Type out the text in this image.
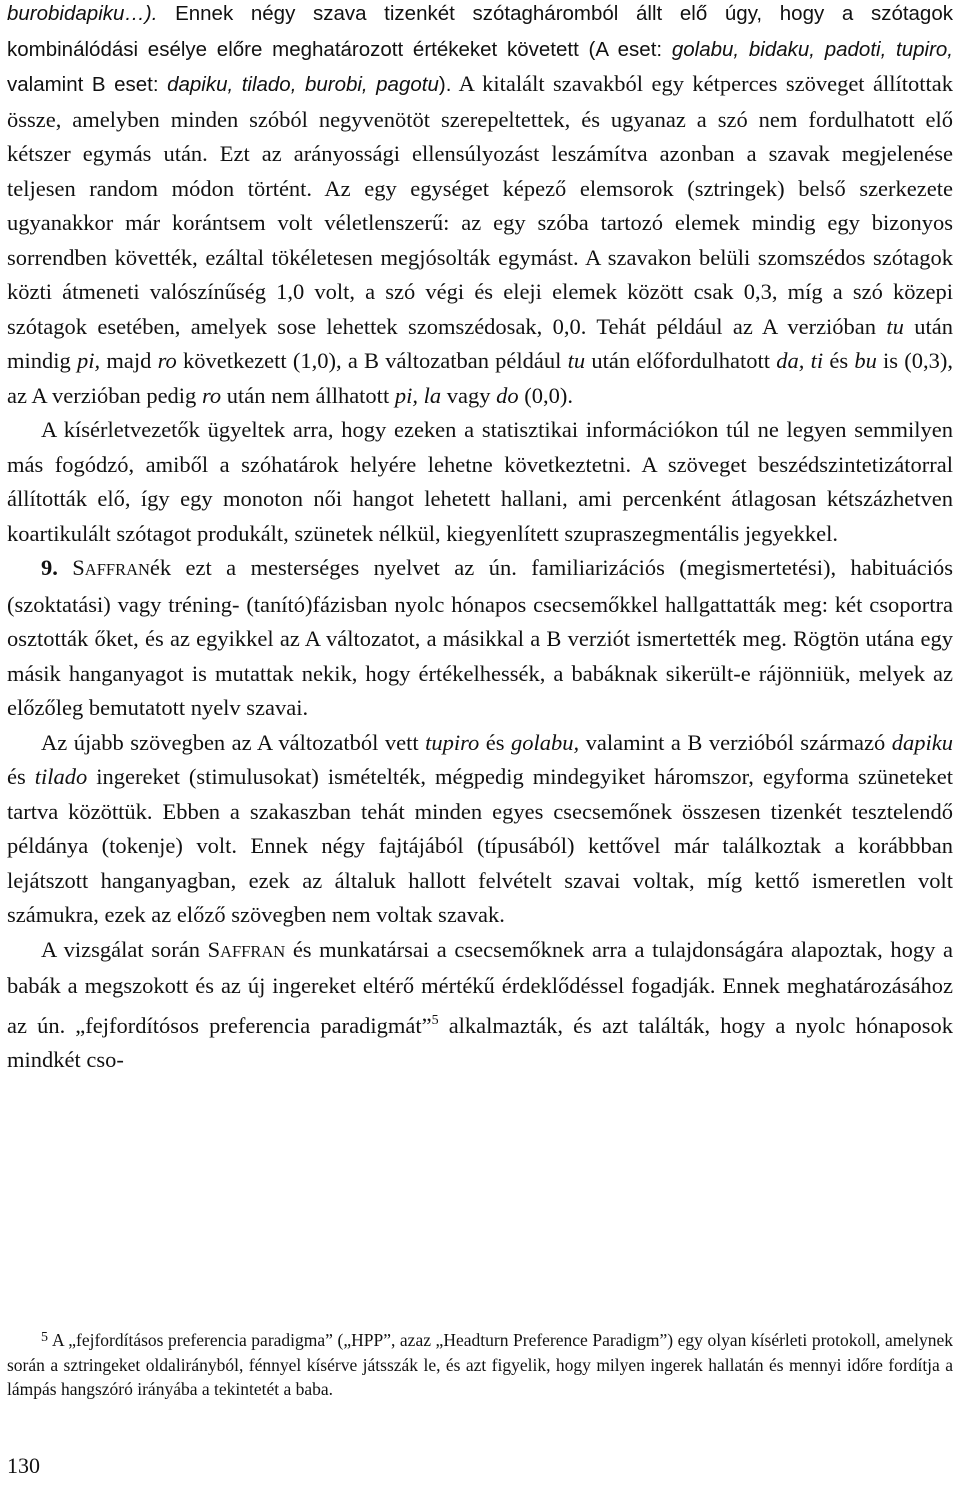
burobidapiku…). Ennek négy szava tizenkét szótagháromból állt elő úgy, hogy a szótagok kombinálódási esélye előre meghatározott értékeket követett (A eset: golabu, bidaku, padoti, tupiro, valamint B eset: dapiku, tilado, burobi, pagotu). A kitalált szavakból egy kétperces szöveget állítottak össze, amelyben minden szóból negyvenötöt szerepeltettek, és ugyanaz a szó nem fordulhatott elő kétszer egymás után. Ezt az arányossági ellensúlyozást leszámítva azonban a szavak megjelenése teljesen random módon történt. Az egy egységet képező elemsorok (sztringek) belső szerkezete ugyanakkor már korántsem volt véletlenszerű: az egy szóba tartozó elemek mindig egy bizonyos sorrendben követték, ezáltal tökéletesen megjósolták egymást. A szavakon belüli szomszédos szótagok közti átmeneti valószínűség 1,0 volt, a szó végi és eleji elemek között csak 0,3, míg a szó közepi szótagok esetében, amelyek sose lehettek szomszédosak, 0,0. Tehát például az A verzióban tu után mindig pi, majd ro következett (1,0), a B változatban például tu után előfordulhatott da, ti és bu is (0,3), az A verzióban pedig ro után nem állhatott pi, la vagy do (0,0).

A kísérletvezetők ügyeltek arra, hogy ezeken a statisztikai információkon túl ne legyen semmilyen más fogódzó, amiből a szóhatárok helyére lehetne következtetni. A szöveget beszédszintetizátorral állították elő, így egy monoton női hangot lehetett hallani, ami percenként átlagosan kétszázhetven koartikulált szótagot produkált, szünetek nélkül, kiegyenlített szupraszegmentális jegyekkel.

9. SAFFRANék ezt a mesterséges nyelvet az ún. familiarizációs (megismertetési), habituációs (szoktatási) vagy tréning- (tanító)fázisban nyolc hónapos csecsemőkkel hallgattatták meg: két csoportra osztották őket, és az egyikkel az A változatot, a másikkal a B verziót ismertették meg. Rögtön utána egy másik hanganyagot is mutattak nekik, hogy értékelhessék, a babáknak sikerült-e rájönniük, melyek az előzőleg bemutatott nyelv szavai.

Az újabb szövegben az A változatból vett tupiro és golabu, valamint a B verzióból származó dapiku és tilado ingereket (stimulusokat) ismételték, mégpedig mindegyiket háromszor, egyforma szüneteket tartva közöttük. Ebben a szakaszban tehát minden egyes csecsemőnek összesen tizenkét tesztelendő példánya (tokenje) volt. Ennek négy fajtájából (típusából) kettővel már találkoztak a korábbban lejátszott hanganyagban, ezek az általuk hallott felvételt szavai voltak, míg kettő ismeretlen volt számukra, ezek az előző szövegben nem voltak szavak.

A vizsgálat során SAFFRAN és munkatársai a csecsemőknek arra a tulajdonságára alapoztak, hogy a babák a megszokott és az új ingereket eltérő mértékű érdeklődéssel fogadják. Ennek meghatározásához az ún. „fejfordítósos preferencia paradigmát”$^5$ alkalmazták, és azt találták, hogy a nyolc hónaposok mindkét cso-

$^5$ A „fejfordításos preferencia paradigma” („HPP”, azaz „Headturn Preference Paradigm”) egy olyan kísérleti protokoll, amelynek során a sztringeket oldalirányból, fénnyel kísérve játsszák le, és azt figyelik, hogy milyen ingerek hallatán és mennyi időre fordítja a lámpás hangszóró irányába a tekintetét a baba.

130
